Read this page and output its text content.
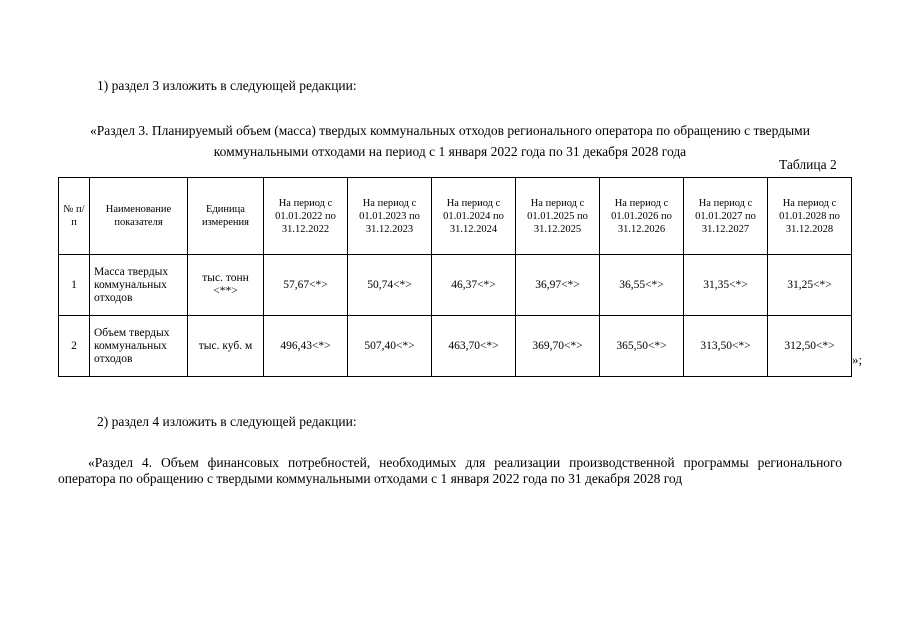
1) раздел 3 изложить в следующей редакции:
«Раздел 3. Планируемый объем (масса) твердых коммунальных отходов регионального оператора по обращению с твердыми коммунальными отходами на период с 1 января 2022 года по 31 декабря 2028 года
Таблица 2
№ п/п	Наименование показателя	Единица измерения	На период с 01.01.2022 по 31.12.2022	На период с 01.01.2023 по 31.12.2023	На период с 01.01.2024 по 31.12.2024	На период с 01.01.2025 по 31.12.2025	На период с 01.01.2026 по 31.12.2026	На период с 01.01.2027 по 31.12.2027	На период с 01.01.2028 по 31.12.2028
1	Масса твердых коммунальных отходов	тыс. тонн <**>	57,67<*>	50,74<*>	46,37<*>	36,97<*>	36,55<*>	31,35<*>	31,25<*>
2	Объем твердых коммунальных отходов	тыс. куб. м	496,43<*>	507,40<*>	463,70<*>	369,70<*>	365,50<*>	313,50<*>	312,50<*>
»;
2) раздел 4 изложить в следующей редакции:
«Раздел 4. Объем финансовых потребностей, необходимых для реализации производственной программы регионального оператора по обращению с твердыми коммунальными отходами с 1 января 2022 года по 31 декабря 2028 год
